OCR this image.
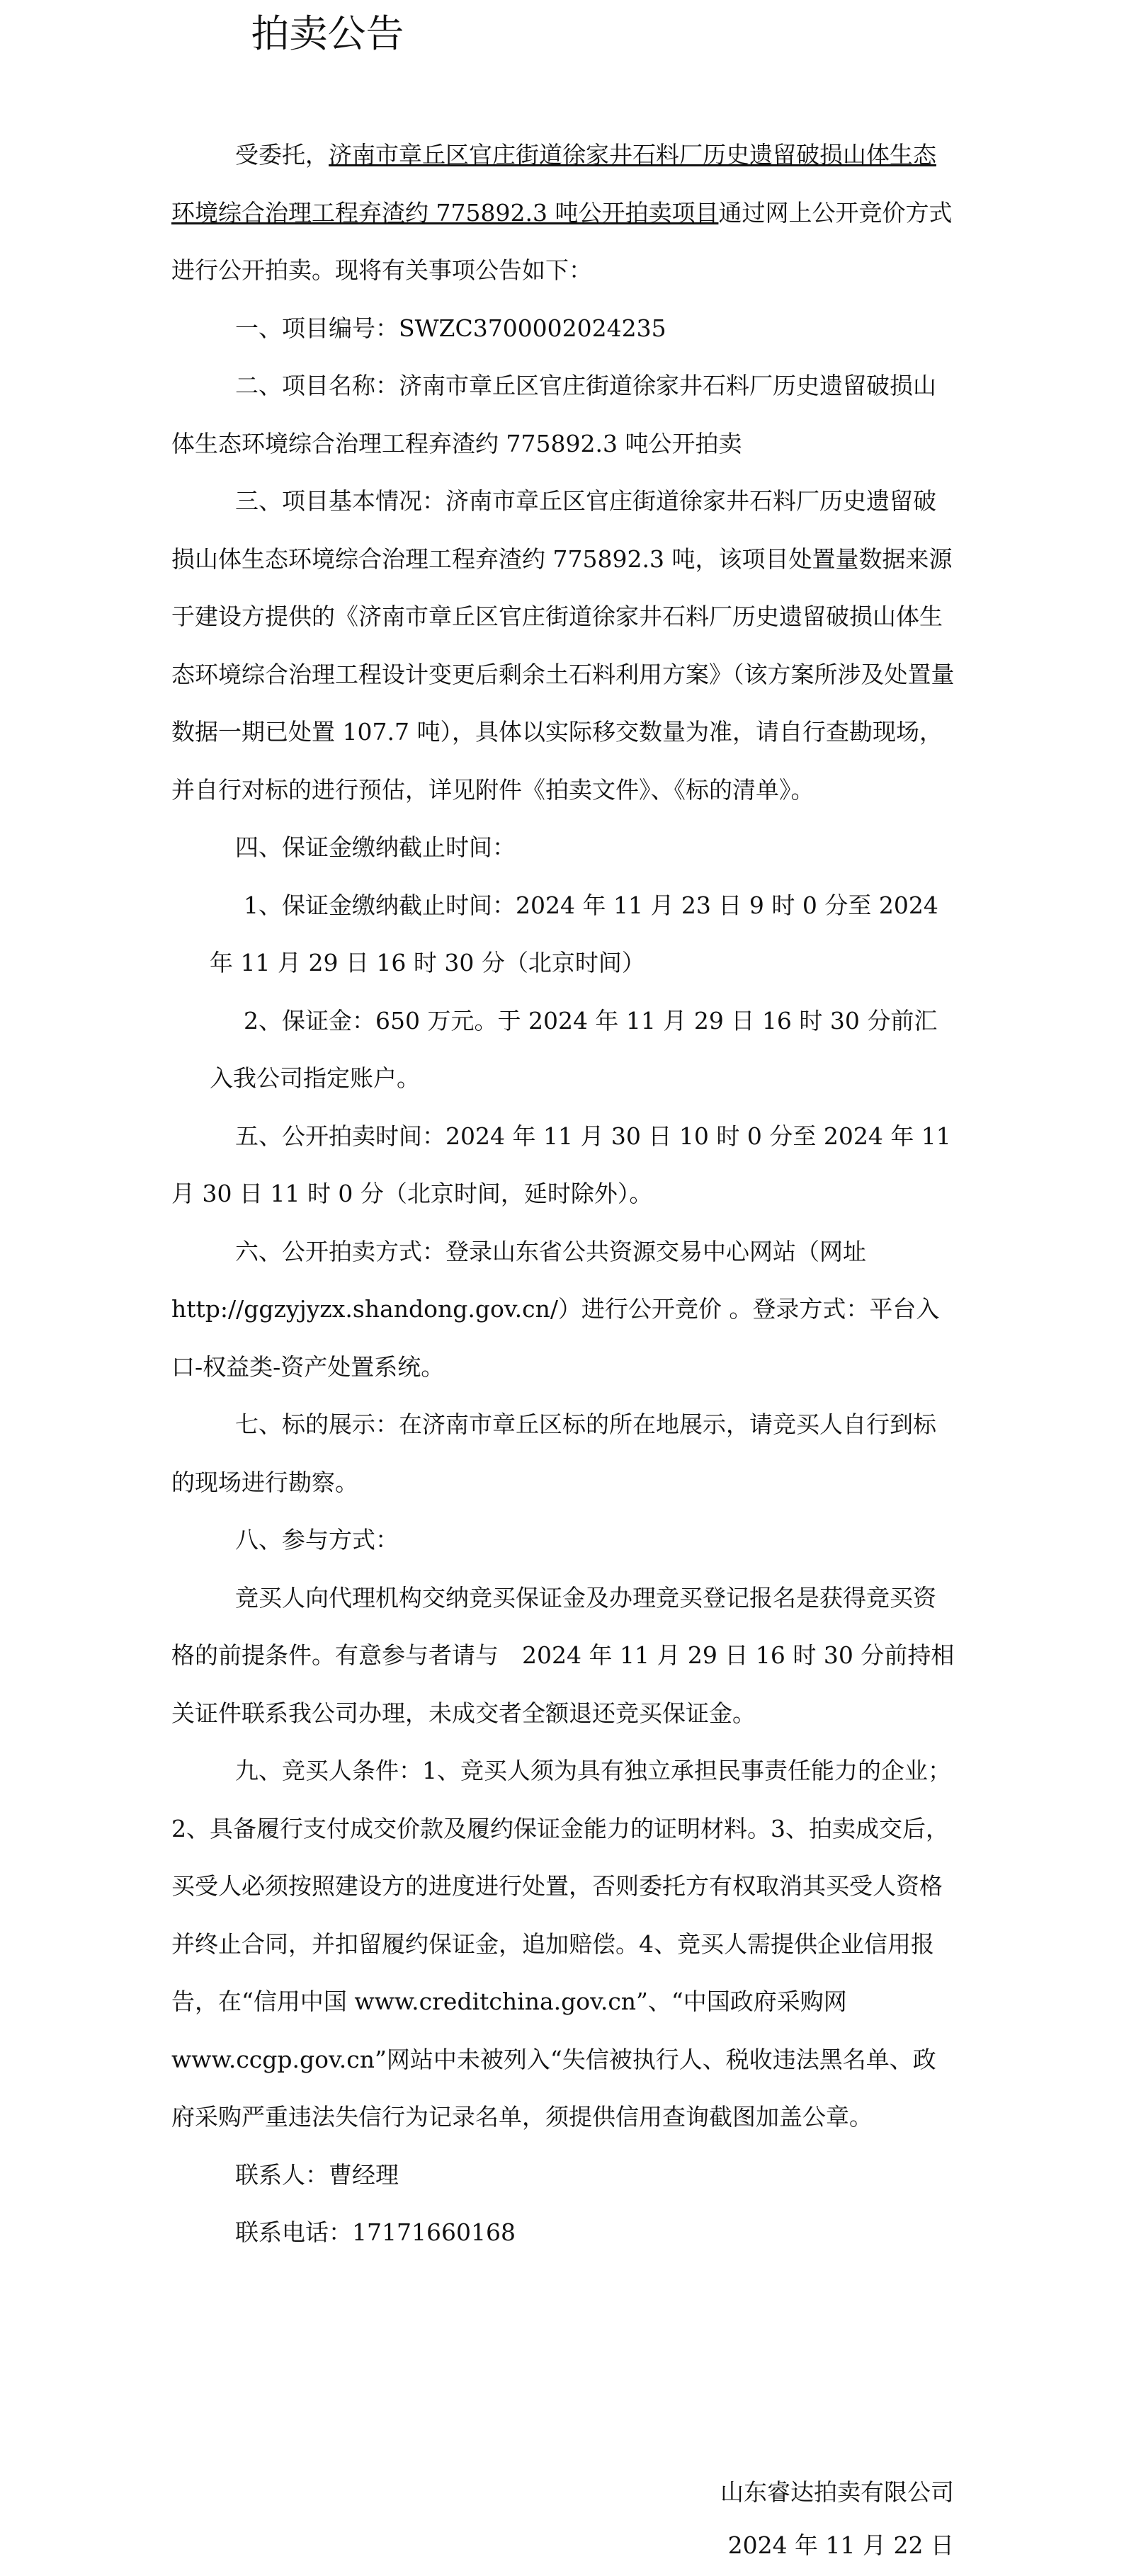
拍卖公告

受委托，济南市章丘区官庄街道徐家井石料厂历史遗留破损山体生态环境综合治理工程弃渣约 775892.3 吨公开拍卖项目通过网上公开竞价方式进行公开拍卖。现将有关事项公告如下：

一、项目编号：SWZC3700002024235

二、项目名称：济南市章丘区官庄街道徐家井石料厂历史遗留破损山体生态环境综合治理工程弃渣约 775892.3 吨公开拍卖

三、项目基本情况：济南市章丘区官庄街道徐家井石料厂历史遗留破损山体生态环境综合治理工程弃渣约 775892.3 吨，该项目处置量数据来源于建设方提供的《济南市章丘区官庄街道徐家井石料厂历史遗留破损山体生态环境综合治理工程设计变更后剩余土石料利用方案》（该方案所涉及处置量数据一期已处置 107.7 吨），具体以实际移交数量为准，请自行查勘现场，并自行对标的进行预估，详见附件《拍卖文件》、《标的清单》。

四、保证金缴纳截止时间：

1、保证金缴纳截止时间：2024 年 11 月 23 日 9 时 0 分至 2024 年 11 月 29 日 16 时 30 分（北京时间）

2、保证金：650 万元。于 2024 年 11 月 29 日 16 时 30 分前汇入我公司指定账户。

五、公开拍卖时间：2024 年 11 月 30 日 10 时 0 分至 2024 年 11 月 30 日 11 时 0 分（北京时间，延时除外）。

六、公开拍卖方式：登录山东省公共资源交易中心网站（网址 http://ggzyjyzx.shandong.gov.cn/）进行公开竞价 。登录方式：平台入口-权益类-资产处置系统。

七、标的展示：在济南市章丘区标的所在地展示，请竞买人自行到标的现场进行勘察。

八、参与方式：

竞买人向代理机构交纳竞买保证金及办理竞买登记报名是获得竞买资格的前提条件。有意参与者请与　2024 年 11 月 29 日 16 时 30 分前持相关证件联系我公司办理，未成交者全额退还竞买保证金。

九、竞买人条件：1、竞买人须为具有独立承担民事责任能力的企业；2、具备履行支付成交价款及履约保证金能力的证明材料。3、拍卖成交后，买受人必须按照建设方的进度进行处置，否则委托方有权取消其买受人资格并终止合同，并扣留履约保证金，追加赔偿。4、竞买人需提供企业信用报告，在“信用中国 www.creditchina.gov.cn”、“中国政府采购网 www.ccgp.gov.cn”网站中未被列入“失信被执行人、税收违法黑名单、政府采购严重违法失信行为记录名单，须提供信用查询截图加盖公章。

联系人：曹经理

联系电话：17171660168

山东睿达拍卖有限公司
2024 年 11 月 22 日
